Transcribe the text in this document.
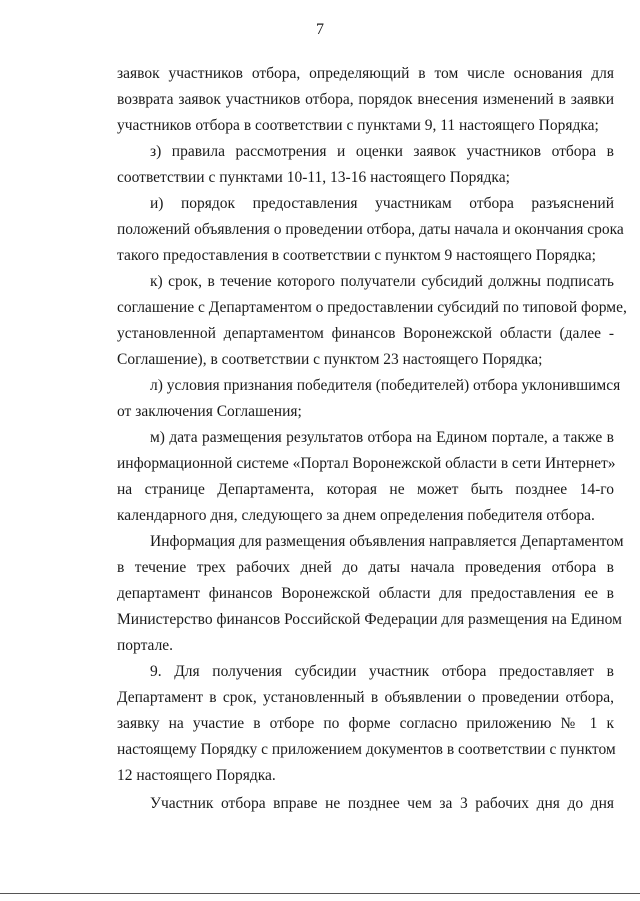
7
заявок участников отбора, определяющий в том числе основания для
возврата заявок участников отбора, порядок внесения изменений в заявки
участников отбора в соответствии с пунктами 9, 11 настоящего Порядка;
з) правила рассмотрения и оценки заявок участников отбора в
соответствии с пунктами 10-11, 13-16 настоящего Порядка;
и) порядок предоставления участникам отбора разъяснений
положений объявления о проведении отбора, даты начала и окончания срока
такого предоставления в соответствии с пунктом 9 настоящего Порядка;
к) срок, в течение которого получатели субсидий должны подписать
соглашение с Департаментом о предоставлении субсидий по типовой форме,
установленной департаментом финансов Воронежской области (далее -
Соглашение), в соответствии с пунктом 23 настоящего Порядка;
л) условия признания победителя (победителей) отбора уклонившимся
от заключения Соглашения;
м) дата размещения результатов отбора на Едином портале, а также в
информационной системе «Портал Воронежской области в сети Интернет»
на странице Департамента, которая не может быть позднее 14-го
календарного дня, следующего за днем определения победителя отбора.
Информация для размещения объявления направляется Департаментом
в течение трех рабочих дней до даты начала проведения отбора в
департамент финансов Воронежской области для предоставления ее в
Министерство финансов Российской Федерации для размещения на Едином
портале.
9. Для получения субсидии участник отбора предоставляет в
Департамент в срок, установленный в объявлении о проведении отбора,
заявку на участие в отборе по форме согласно приложению № 1 к
настоящему Порядку с приложением документов в соответствии с пунктом
12 настоящего Порядка.
Участник отбора вправе не позднее чем за 3 рабочих дня до дня
